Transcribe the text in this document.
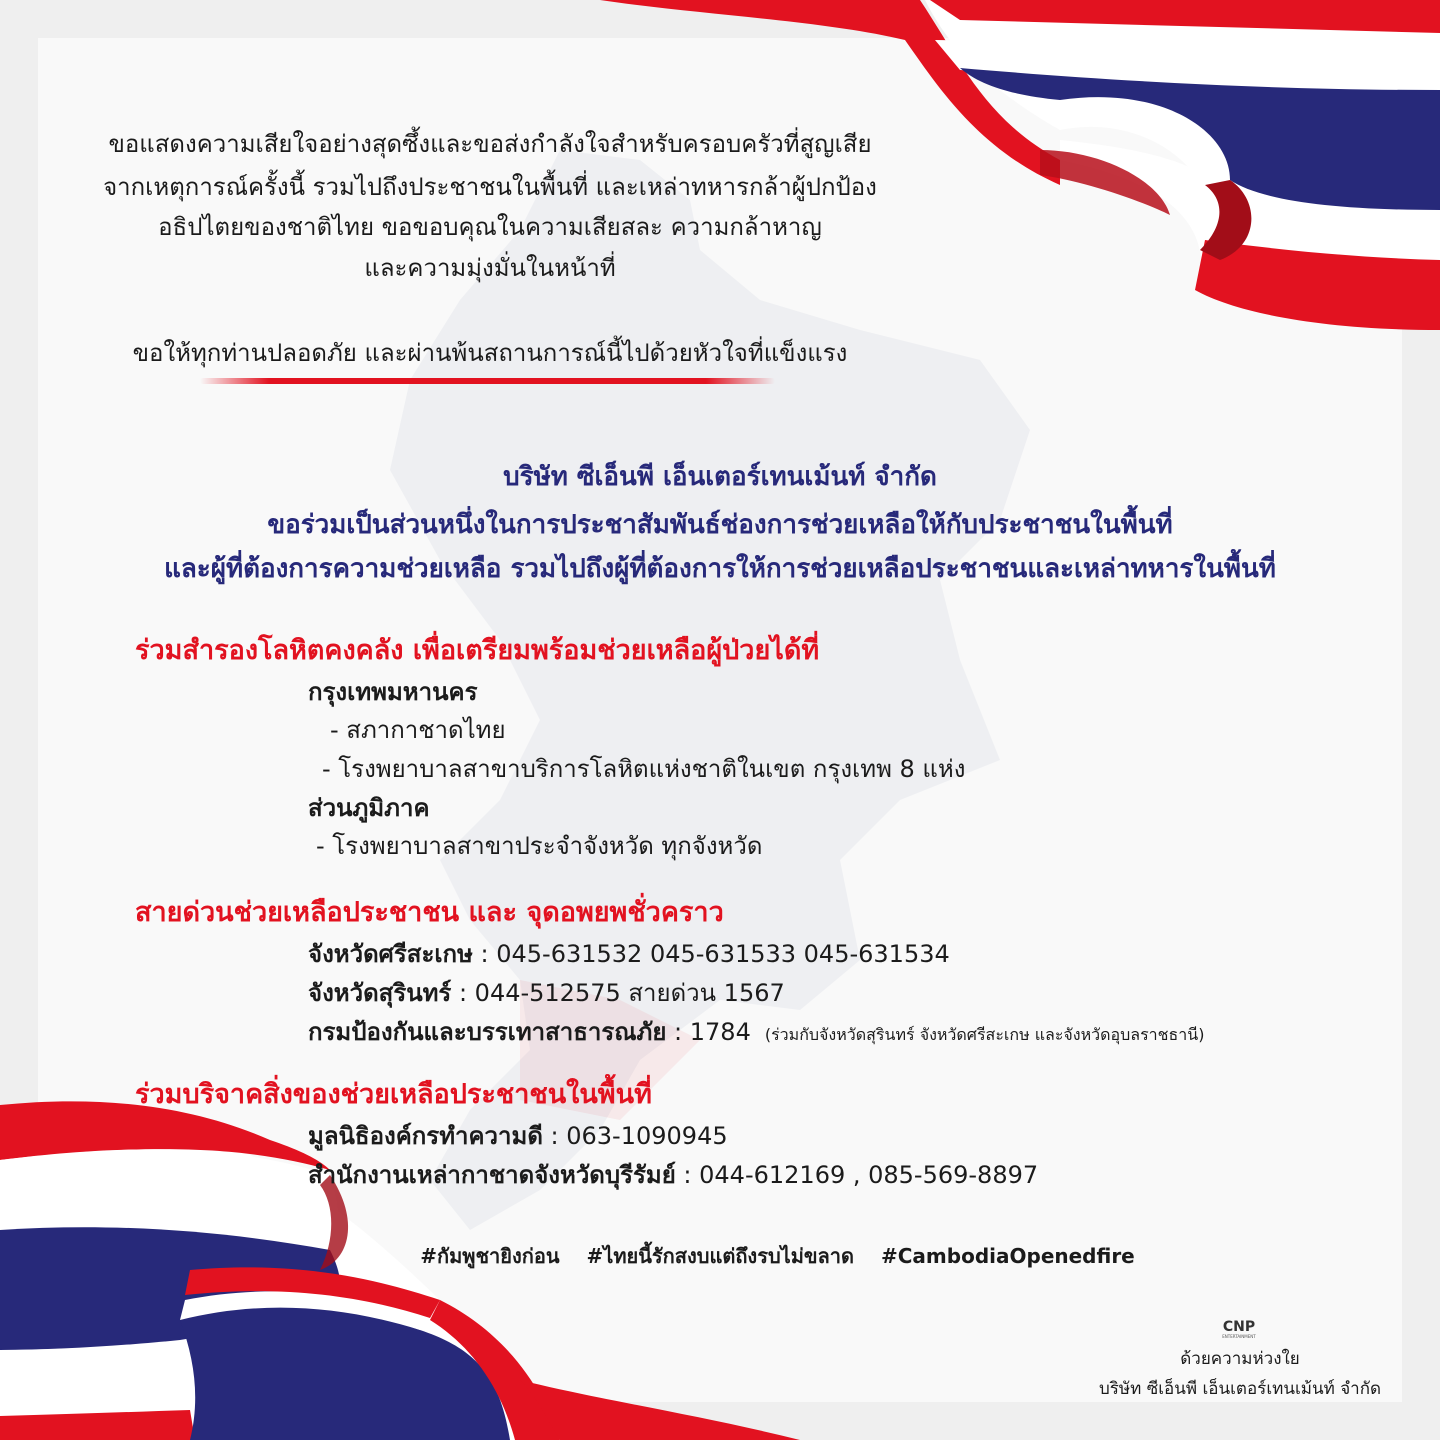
ขอแสดงความเสียใจอย่างสุดซึ้งและขอส่งกำลังใจสำหรับครอบครัวที่สูญเสีย

จากเหตุการณ์ครั้งนี้ รวมไปถึงประชาชนในพื้นที่ และเหล่าทหารกล้าผู้ปกป้อง

อธิปไตยของชาติไทย ขอขอบคุณในความเสียสละ ความกล้าหาญ

และความมุ่งมั่นในหน้าที่

ขอให้ทุกท่านปลอดภัย และผ่านพ้นสถานการณ์นี้ไปด้วยหัวใจที่แข็งแรง

บริษัท ซีเอ็นพี เอ็นเตอร์เทนเม้นท์ จำกัด

ขอร่วมเป็นส่วนหนึ่งในการประชาสัมพันธ์ช่องการช่วยเหลือให้กับประชาชนในพื้นที่

และผู้ที่ต้องการความช่วยเหลือ รวมไปถึงผู้ที่ต้องการให้การช่วยเหลือประชาชนและเหล่าทหารในพื้นที่

ร่วมสำรองโลหิตคงคลัง เพื่อเตรียมพร้อมช่วยเหลือผู้ป่วยได้ที่

กรุงเทพมหานคร

- สภากาชาดไทย

- โรงพยาบาลสาขาบริการโลหิตแห่งชาติในเขต กรุงเทพ 8 แห่ง

ส่วนภูมิภาค

- โรงพยาบาลสาขาประจำจังหวัด ทุกจังหวัด

สายด่วนช่วยเหลือประชาชน และ จุดอพยพชั่วคราว

จังหวัดศรีสะเกษ : 045-631532 045-631533 045-631534

จังหวัดสุรินทร์ : 044-512575 สายด่วน 1567

กรมป้องกันและบรรเทาสาธารณภัย : 1784 (ร่วมกับจังหวัดสุรินทร์ จังหวัดศรีสะเกษ และจังหวัดอุบลราชธานี)

ร่วมบริจาคสิ่งของช่วยเหลือประชาชนในพื้นที่

มูลนิธิองค์กรทำความดี : 063-1090945

สำนักงานเหล่ากาชาดจังหวัดบุรีรัมย์ : 044-612169 , 085-569-8897

#กัมพูชายิงก่อน #ไทยนี้รักสงบแต่ถึงรบไม่ขลาด #CambodiaOpenedfire

CNP
ENTERTAINMENT

ด้วยความห่วงใย

บริษัท ซีเอ็นพี เอ็นเตอร์เทนเม้นท์ จำกัด
